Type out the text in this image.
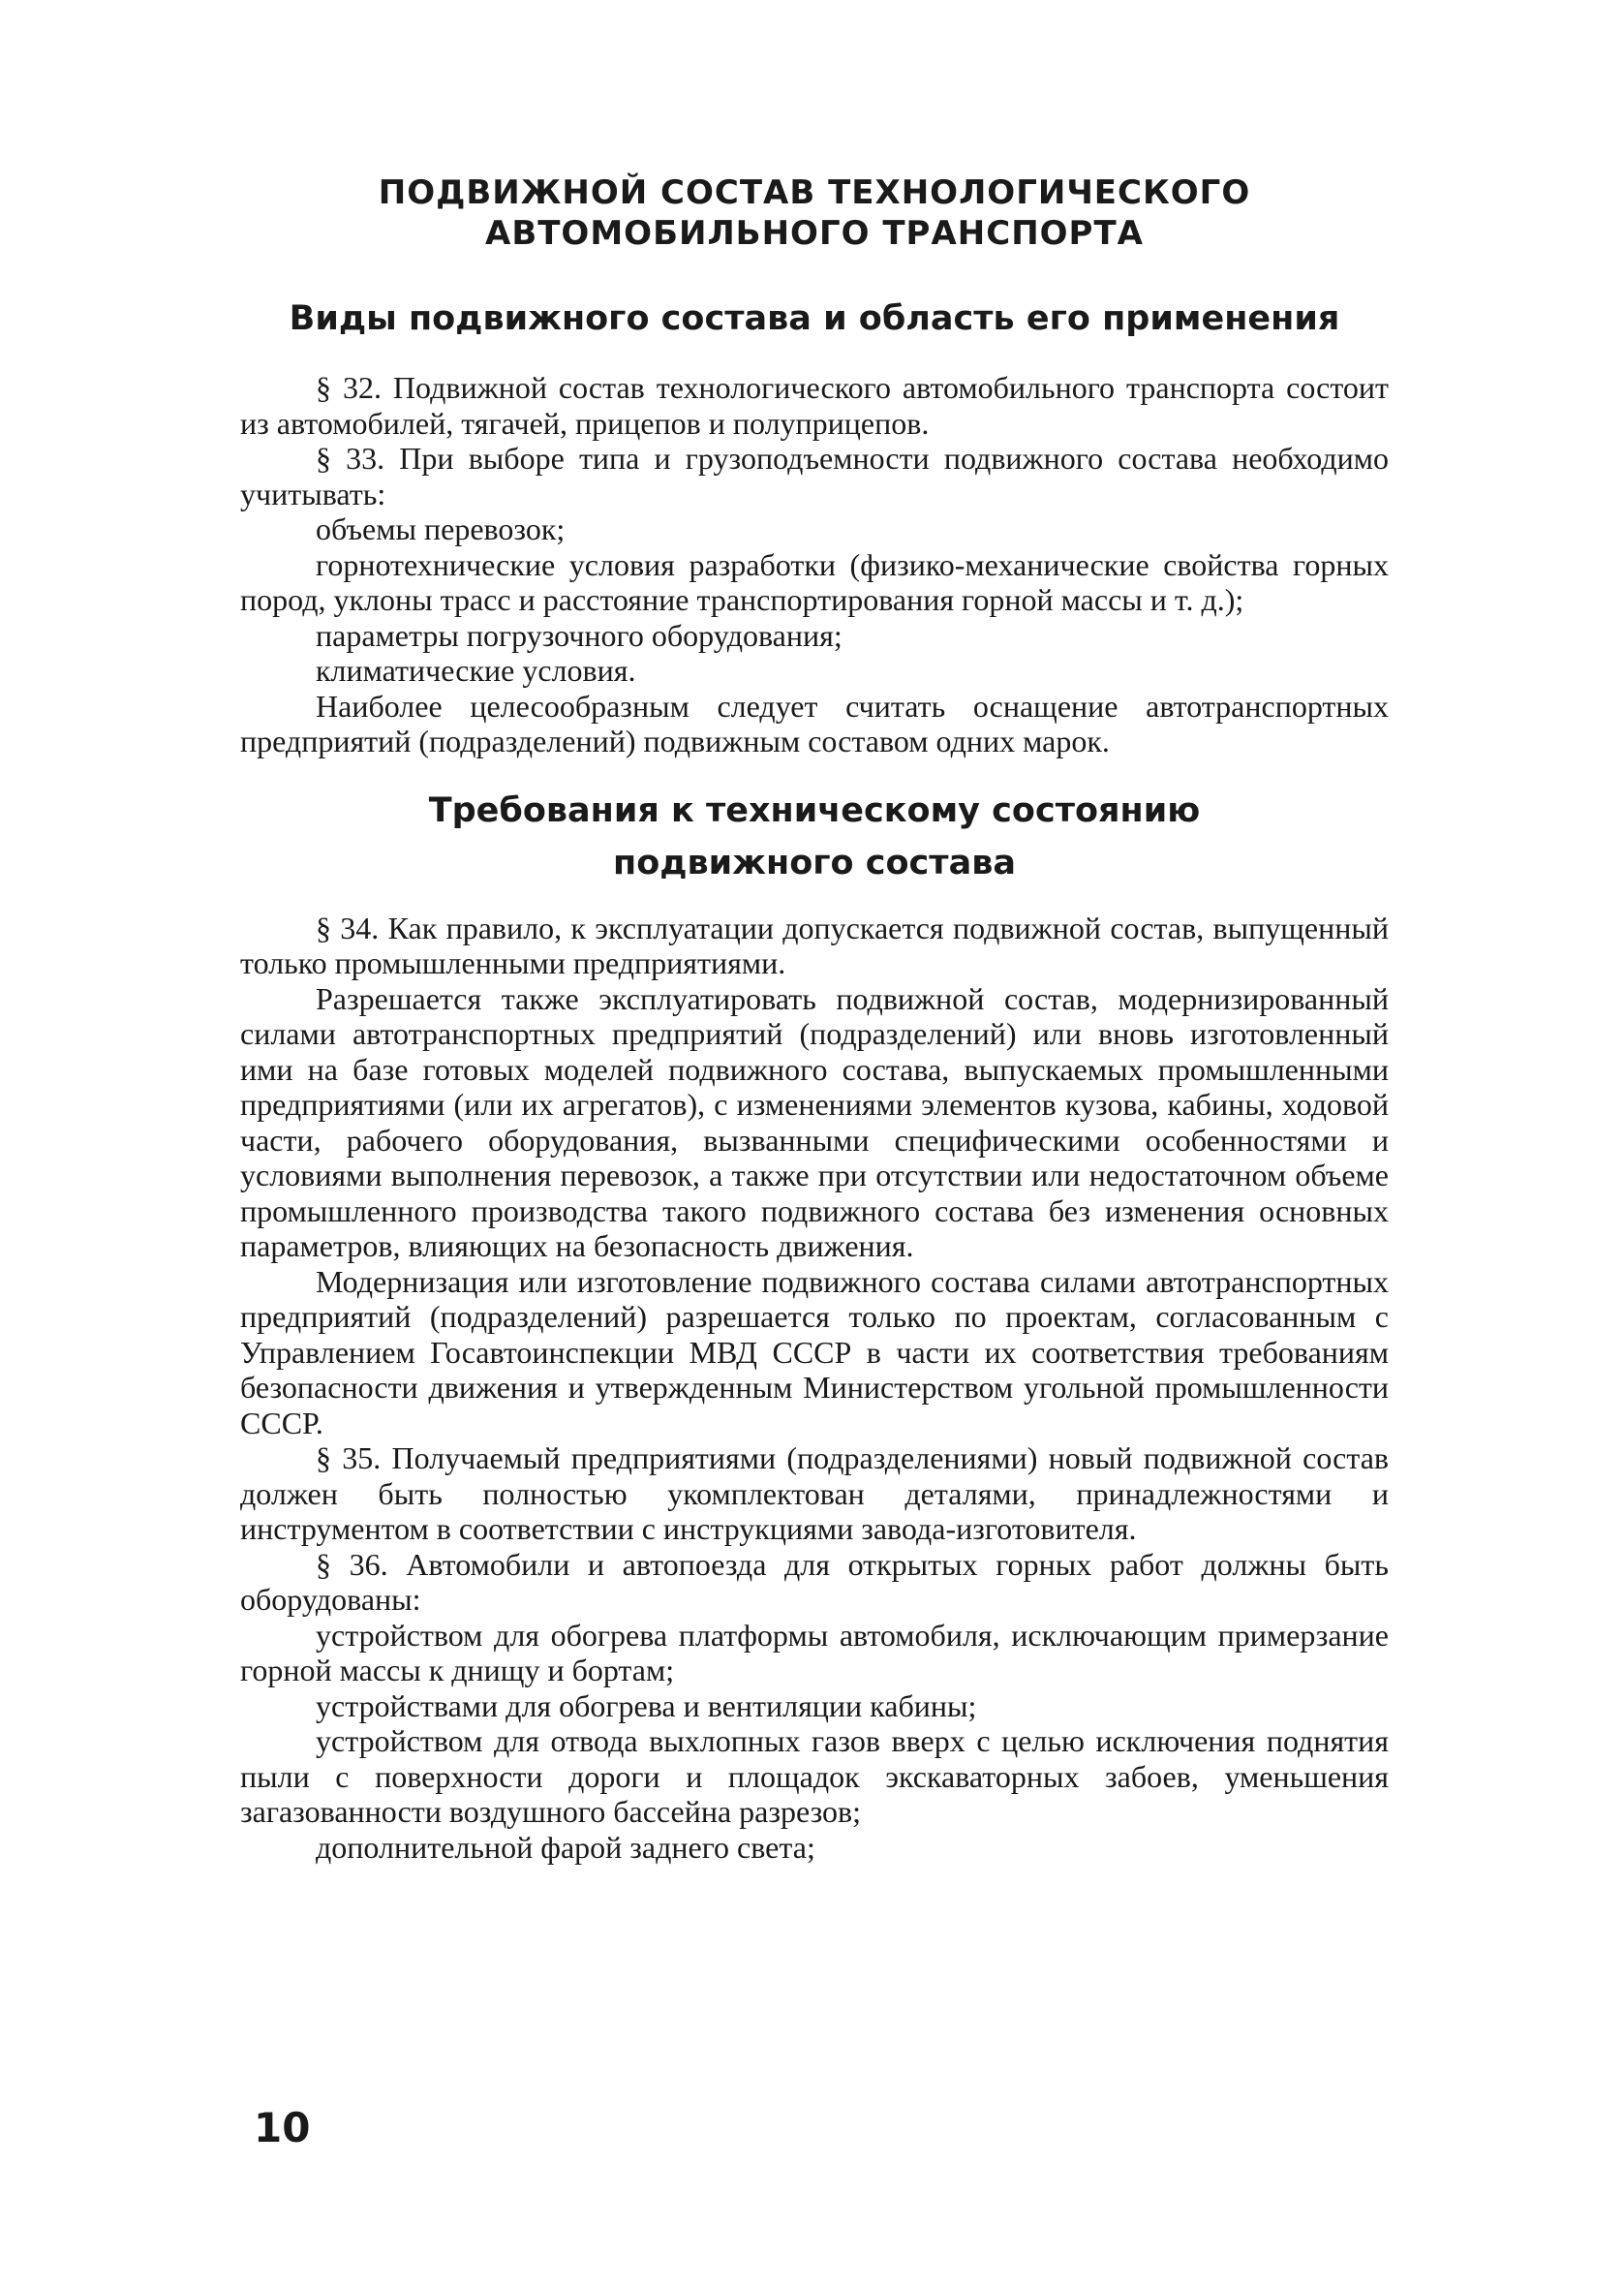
ПОДВИЖНОЙ СОСТАВ ТЕХНОЛОГИЧЕСКОГО
АВТОМОБИЛЬНОГО ТРАНСПОРТА
Виды подвижного состава и область его применения

§ 32. Подвижной состав технологического автомобильного транспорта состоит из автомобилей, тягачей, прицепов и полуприцепов.

§ 33. При выборе типа и грузоподъемности подвижного состава необходимо учитывать:

объемы перевозок;

горнотехнические условия разработки (физико-механические свойства горных пород, уклоны трасс и расстояние транспортирования горной массы и т. д.);

параметры погрузочного оборудования;

климатические условия.

Наиболее целесообразным следует считать оснащение автотранспортных предприятий (подразделений) подвижным составом одних марок.

Требования к техническому состоянию
подвижного состава

§ 34. Как правило, к эксплуатации допускается подвижной состав, выпущенный только промышленными предприятиями.

Разрешается также эксплуатировать подвижной состав, модернизированный силами автотранспортных предприятий (подразделений) или вновь изготовленный ими на базе готовых моделей подвижного состава, выпускаемых промышленными предприятиями (или их агрегатов), с изменениями элементов кузова, кабины, ходовой части, рабочего оборудования, вызванными специфическими особенностями и условиями выполнения перевозок, а также при отсутствии или недостаточном объеме промышленного производства такого подвижного состава без изменения основных параметров, влияющих на безопасность движения.

Модернизация или изготовление подвижного состава силами автотранспортных предприятий (подразделений) разрешается только по проектам, согласованным с Управлением Госавтоинспекции МВД СССР в части их соответствия требованиям безопасности движения и утвержденным Министерством угольной промышленности СССР.

§ 35. Получаемый предприятиями (подразделениями) новый подвижной состав должен быть полностью укомплектован деталями, принадлежностями и инструментом в соответствии с инструкциями завода-изготовителя.

§ 36. Автомобили и автопоезда для открытых горных работ должны быть оборудованы:

устройством для обогрева платформы автомобиля, исключающим примерзание горной массы к днищу и бортам;

устройствами для обогрева и вентиляции кабины;

устройством для отвода выхлопных газов вверх с целью исключения поднятия пыли с поверхности дороги и площадок экскаваторных забоев, уменьшения загазованности воздушного бассейна разрезов;

дополнительной фарой заднего света;

10
